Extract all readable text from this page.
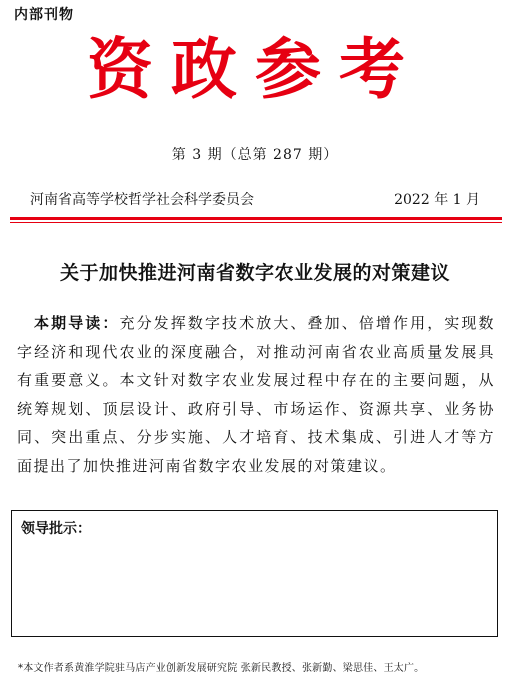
内部刊物
资政参考
第 3 期（总第 287 期）
河南省高等学校哲学社会科学委员会	2022 年 1 月
关于加快推进河南省数字农业发展的对策建议
本期导读：充分发挥数字技术放大、叠加、倍增作用，实现数字经济和现代农业的深度融合，对推动河南省农业高质量发展具有重要意义。本文针对数字农业发展过程中存在的主要问题，从统筹规划、顶层设计、政府引导、市场运作、资源共享、业务协同、突出重点、分步实施、人才培育、技术集成、引进人才等方面提出了加快推进河南省数字农业发展的对策建议。
领导批示：
*本文作者系黄淮学院驻马店产业创新发展研究院 张新民教授、张新勤、梁思佳、王太广。
